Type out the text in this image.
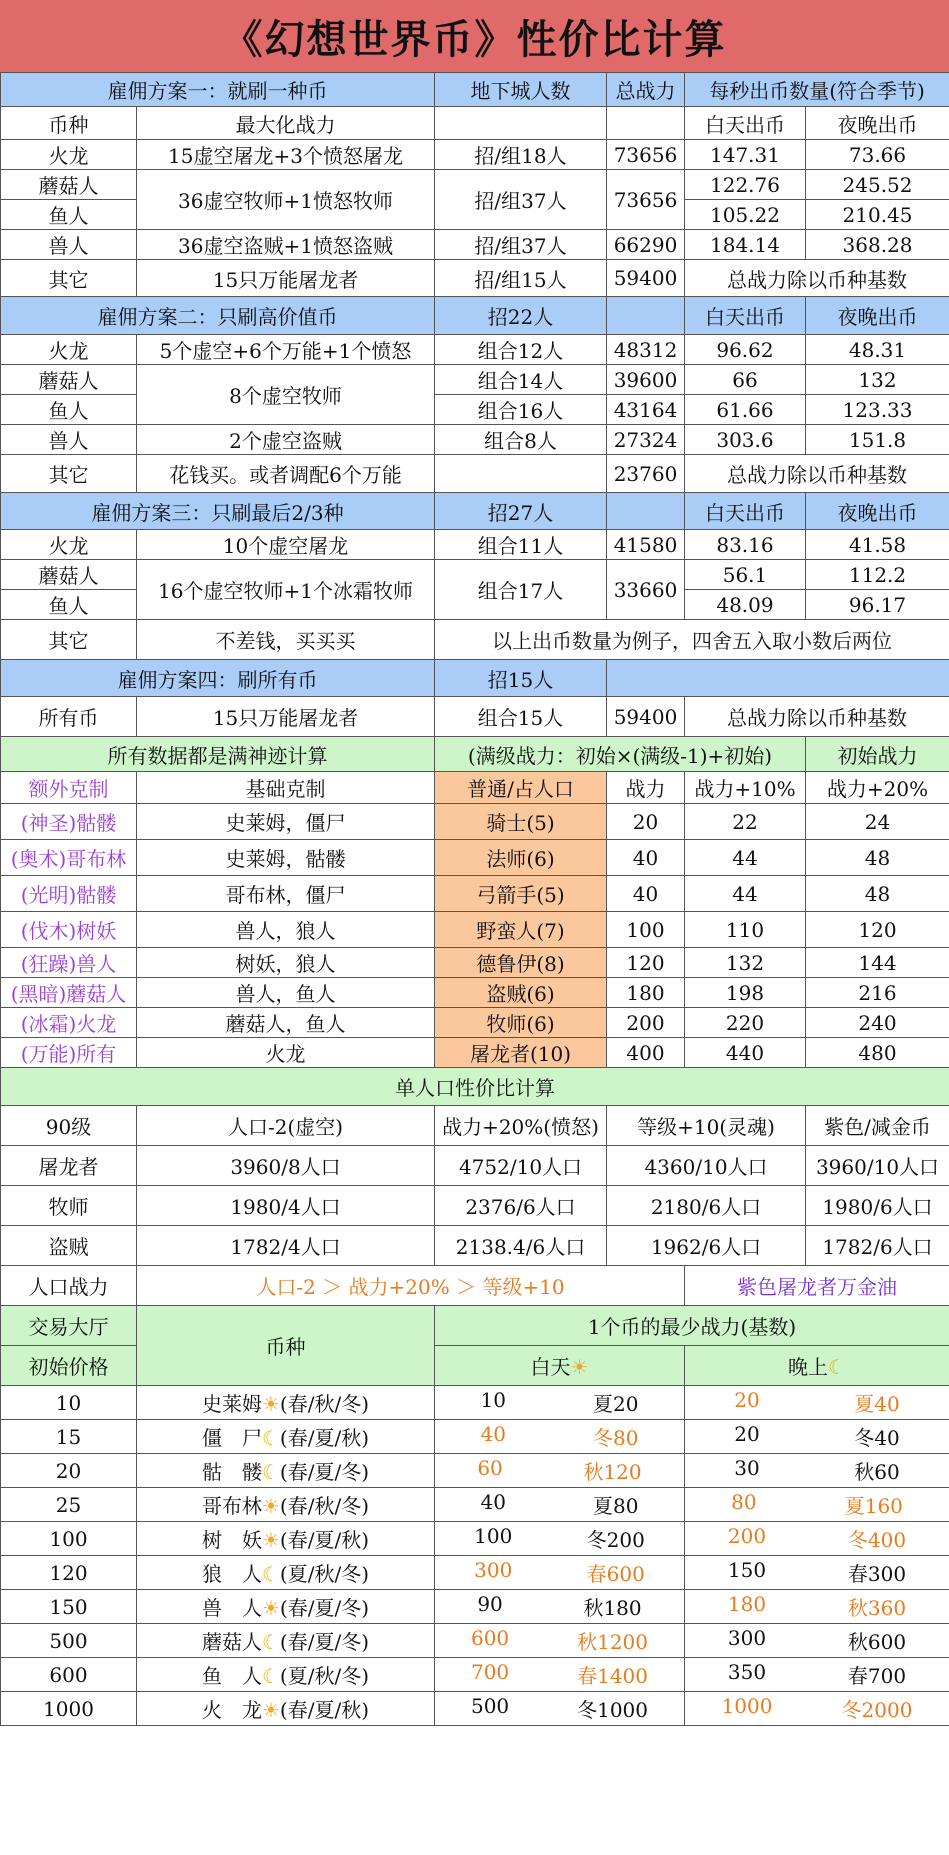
《幻想世界币》性价比计算
雇佣方案一：就刷一种币		地下城人数	总战力	每秒出币数量(符合季节)	
币种	最大化战力			白天出币	夜晚出币
火龙	15虚空屠龙+3个愤怒屠龙	招/组18人	73656	147.31	73.66
蘑菇人	36虚空牧师+1愤怒牧师	招/组37人	73656	122.76	245.52
鱼人				105.22	210.45
兽人	36虚空盗贼+1愤怒盗贼	招/组37人	66290	184.14	368.28
其它	15只万能屠龙者	招/组15人	59400	总战力除以币种基数	
雇佣方案二：只刷高价值币		招22人		白天出币	夜晚出币
火龙	5个虚空+6个万能+1个愤怒	组合12人	48312	96.62	48.31
蘑菇人	8个虚空牧师	组合14人	39600	66	132
鱼人		组合16人	43164	61.66	123.33
兽人	2个虚空盗贼	组合8人	27324	303.6	151.8
其它	花钱买。或者调配6个万能		23760	总战力除以币种基数	
雇佣方案三：只刷最后2/3种		招27人		白天出币	夜晚出币
火龙	10个虚空屠龙	组合11人	41580	83.16	41.58
蘑菇人	16个虚空牧师+1个冰霜牧师	组合17人	33660	56.1	112.2
鱼人				48.09	96.17
其它	不差钱，买买买	以上出币数量为例子，四舍五入取小数后两位			
雇佣方案四：刷所有币		招15人			
所有币	15只万能屠龙者	组合15人	59400	总战力除以币种基数	
所有数据都是满神迹计算		(满级战力：初始×(满级-1)+初始)			初始战力
额外克制	基础克制	普通/占人口	战力	战力+10%	战力+20%
(神圣)骷髅	史莱姆，僵尸	骑士(5)	20	22	24
(奥术)哥布林	史莱姆，骷髅	法师(6)	40	44	48
(光明)骷髅	哥布林，僵尸	弓箭手(5)	40	44	48
(伐木)树妖	兽人，狼人	野蛮人(7)	100	110	120
(狂躁)兽人	树妖，狼人	德鲁伊(8)	120	132	144
(黑暗)蘑菇人	兽人，鱼人	盗贼(6)	180	198	216
(冰霜)火龙	蘑菇人，鱼人	牧师(6)	200	220	240
(万能)所有	火龙	屠龙者(10)	400	440	480
单人口性价比计算					
90级	人口-2(虚空)	战力+20%(愤怒)	等级+10(灵魂)		紫色/减金币
屠龙者	3960/8人口	4752/10人口	4360/10人口		3960/10人口
牧师	1980/4人口	2376/6人口	2180/6人口		1980/6人口
盗贼	1782/4人口	2138.4/6人口	1962/6人口		1782/6人口
人口战力	人口-2 ＞ 战力+20% ＞ 等级+10			紫色屠龙者万金油	
交易大厅	币种	1个币的最少战力(基数)			
初始价格		白天☀		晚上☾	
10	史莱姆☀(春/秋/冬)	10 夏20		20 夏40	

15	僵　尸☾(春/夏/秋)	40 冬80		20 冬40	

20	骷　髅☾(春/夏/冬)	60 秋120		30 秋60	

25	哥布林☀(春/秋/冬)	40 夏80		80 夏160	

100	树　妖☀(春/夏/秋)	100 冬200		200 冬400	

120	狼　人☾(夏/秋/冬)	300 春600		150 春300	

150	兽　人☀(春/夏/冬)	90 秋180		180 秋360	

500	蘑菇人☾(春/夏/冬)	600 秋1200		300 秋600	

600	鱼　人☾(夏/秋/冬)	700 春1400		350 春700	

1000	火　龙☀(春/夏/秋)	500 冬1000		1000 冬2000	
